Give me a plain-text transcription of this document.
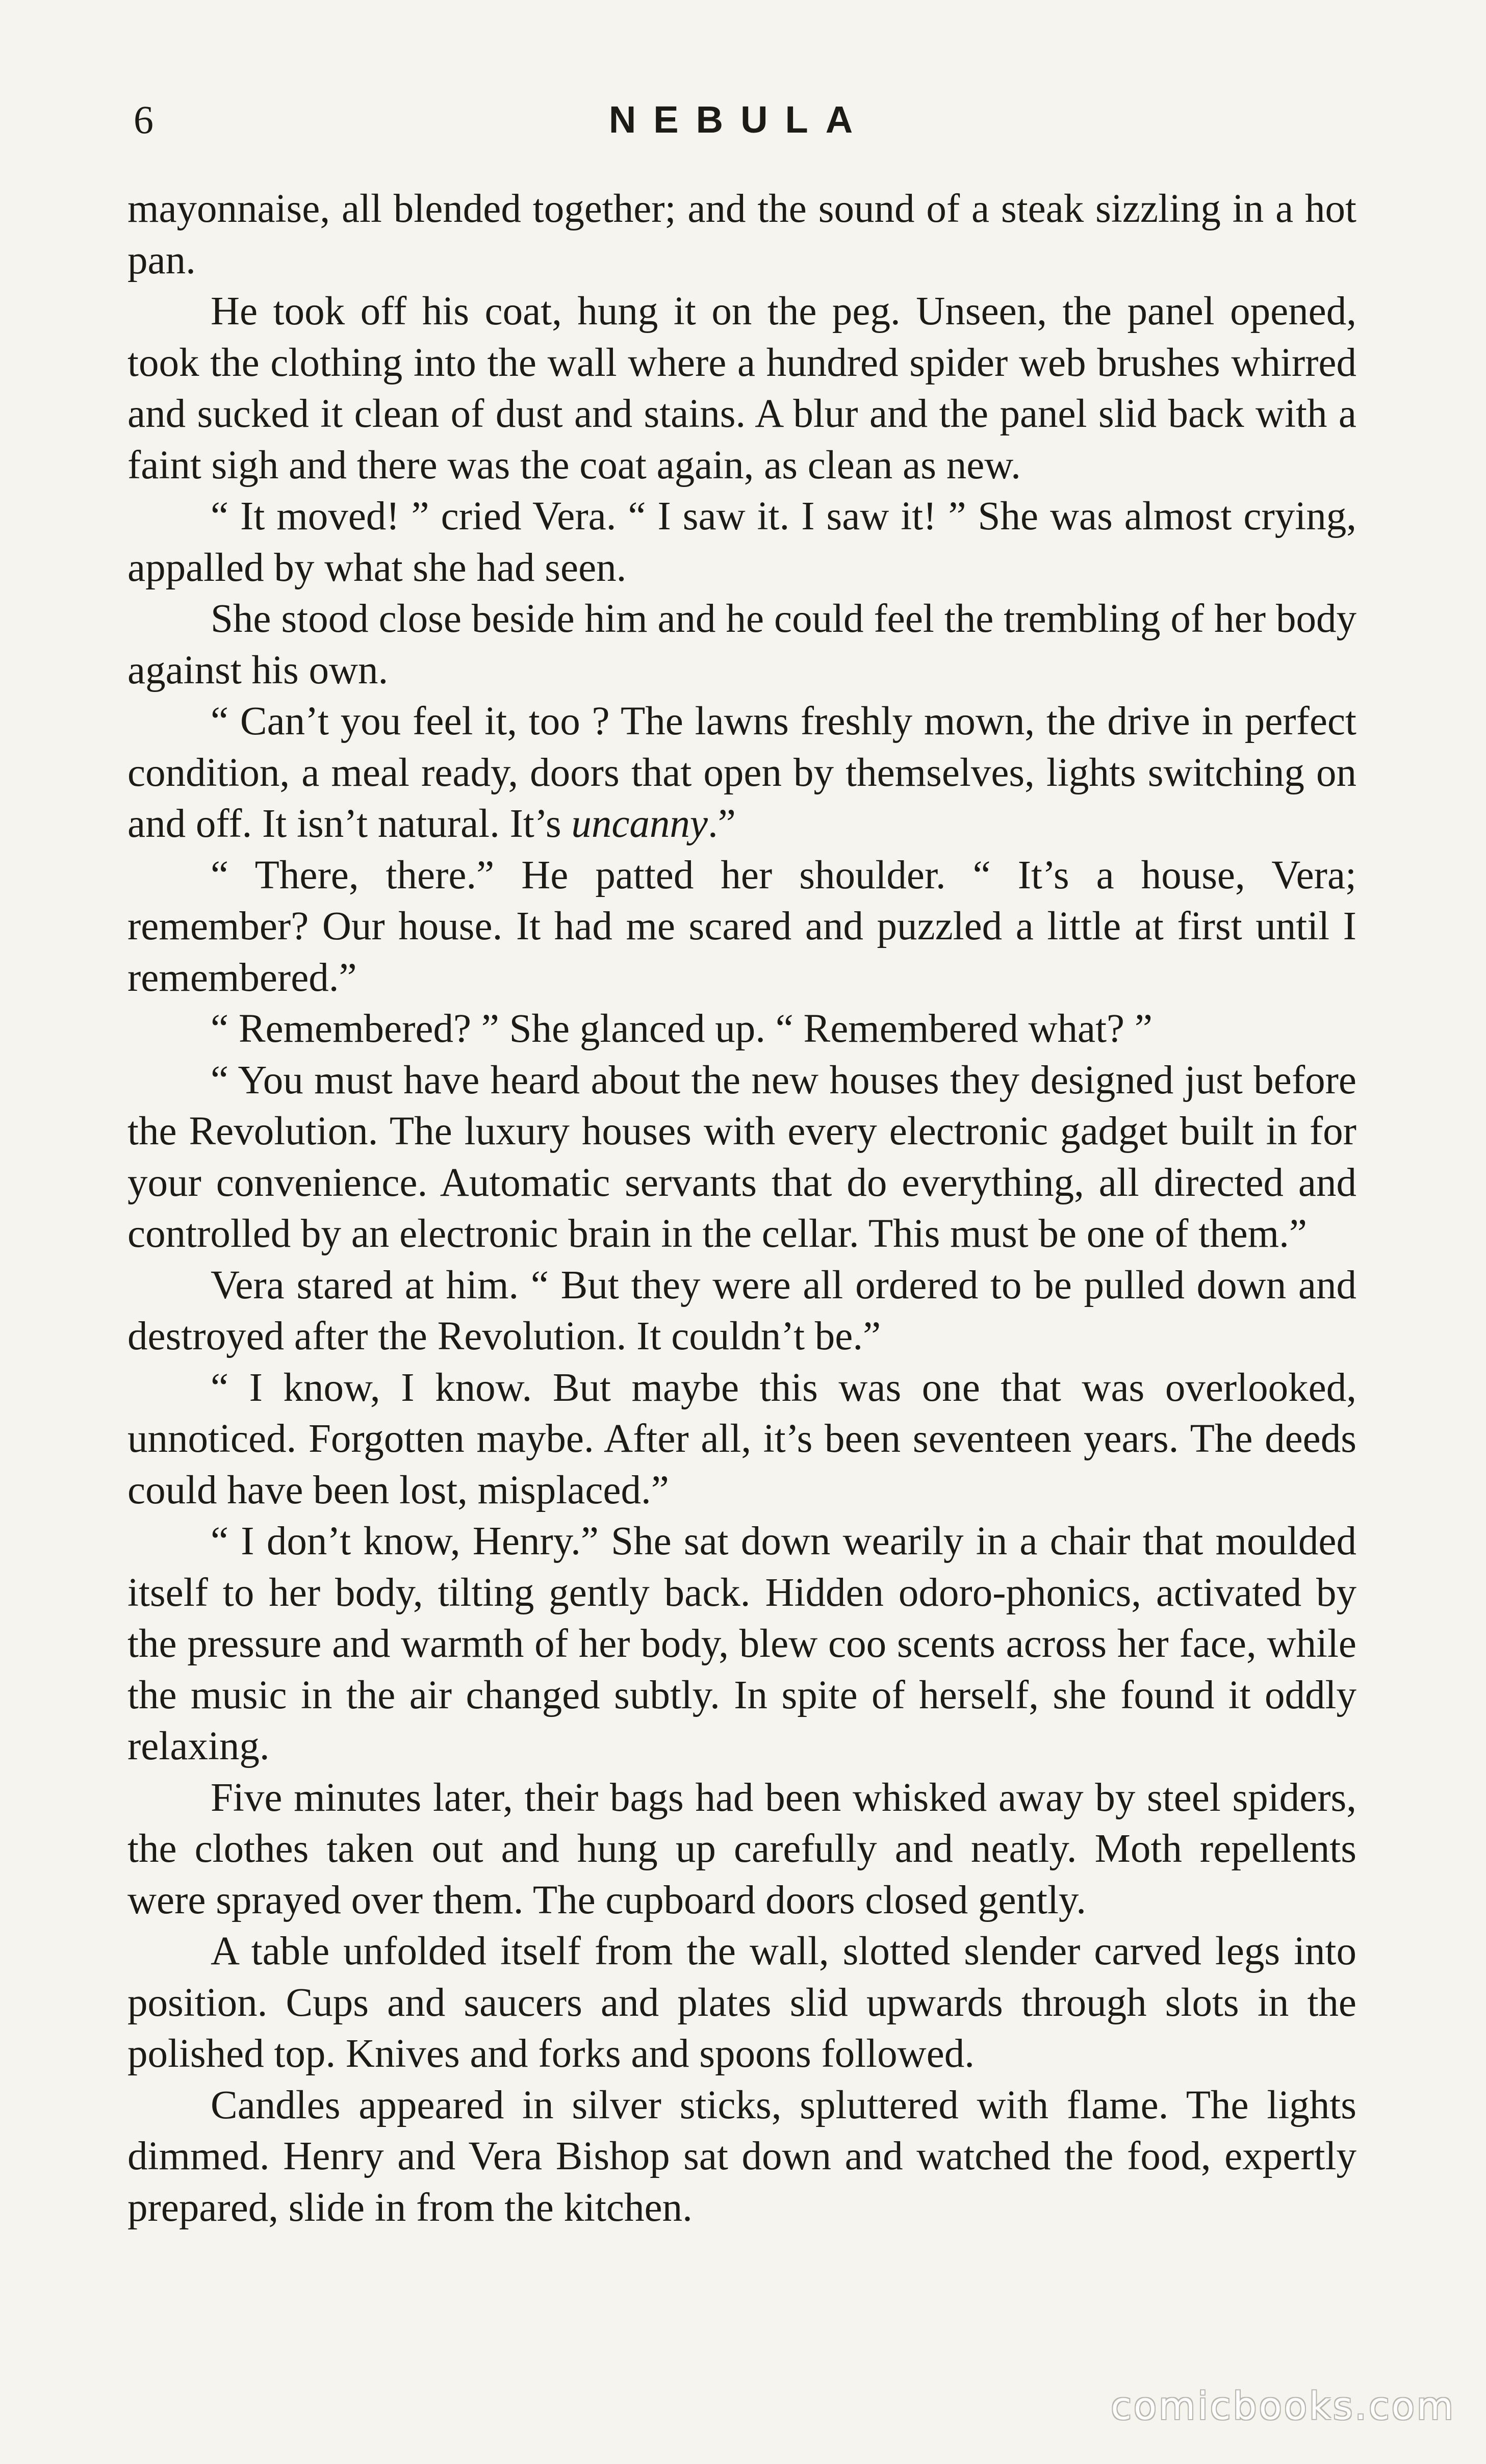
6	NEBULA

mayonnaise, all blended together; and the sound of a steak sizzling in a hot pan.

He took off his coat, hung it on the peg. Unseen, the panel opened, took the clothing into the wall where a hundred spider web brushes whirred and sucked it clean of dust and stains. A blur and the panel slid back with a faint sigh and there was the coat again, as clean as new.

“ It moved! ” cried Vera. “ I saw it. I saw it! ” She was almost crying, appalled by what she had seen.

She stood close beside him and he could feel the trembling of her body against his own.

“ Can’t you feel it, too ? The lawns freshly mown, the drive in perfect condition, a meal ready, doors that open by themselves, lights switching on and off. It isn’t natural. It’s uncanny.”

“ There, there.” He patted her shoulder. “ It’s a house, Vera; remember? Our house. It had me scared and puzzled a little at first until I remembered.”

“ Remembered? ” She glanced up. “ Remembered what? ”

“ You must have heard about the new houses they designed just before the Revolution. The luxury houses with every electronic gadget built in for your convenience. Automatic servants that do everything, all directed and controlled by an electronic brain in the cellar. This must be one of them.”

Vera stared at him. “ But they were all ordered to be pulled down and destroyed after the Revolution. It couldn’t be.”

“ I know, I know. But maybe this was one that was overlooked, unnoticed. Forgotten maybe. After all, it’s been seventeen years. The deeds could have been lost, misplaced.”

“ I don’t know, Henry.” She sat down wearily in a chair that moulded itself to her body, tilting gently back. Hidden odoro-phonics, activated by the pressure and warmth of her body, blew coo scents across her face, while the music in the air changed subtly. In spite of herself, she found it oddly relaxing.

Five minutes later, their bags had been whisked away by steel spiders, the clothes taken out and hung up carefully and neatly. Moth repellents were sprayed over them. The cupboard doors closed gently.

A table unfolded itself from the wall, slotted slender carved legs into position. Cups and saucers and plates slid upwards through slots in the polished top. Knives and forks and spoons followed.

Candles appeared in silver sticks, spluttered with flame. The lights dimmed. Henry and Vera Bishop sat down and watched the food, expertly prepared, slide in from the kitchen.

comicbooks.com
